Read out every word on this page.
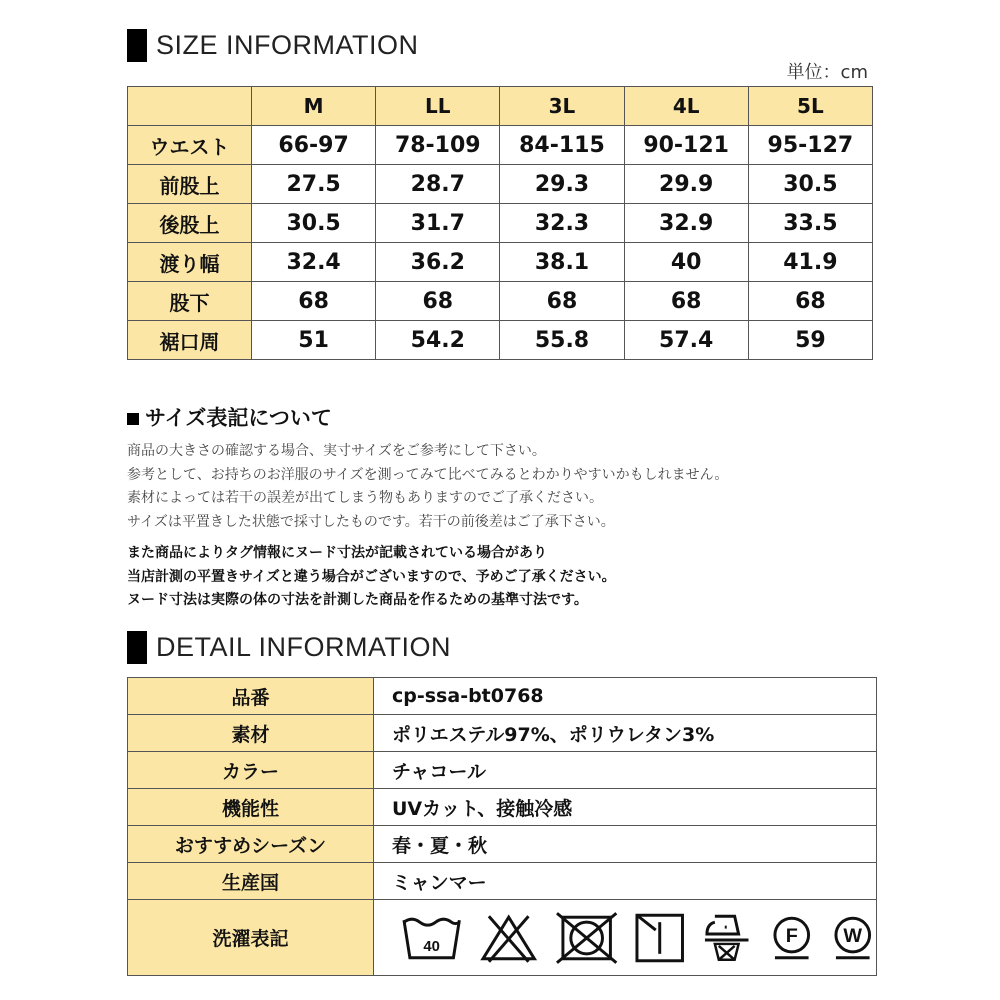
SIZE INFORMATION
単位：cm
	M	LL	3L	4L	5L
ウエスト	66-97	78-109	84-115	90-121	95-127
前股上	27.5	28.7	29.3	29.9	30.5
後股上	30.5	31.7	32.3	32.9	33.5
渡り幅	32.4	36.2	38.1	40	41.9
股下	68	68	68	68	68
裾口周	51	54.2	55.8	57.4	59
サイズ表記について
商品の大きさの確認する場合、実寸サイズをご参考にして下さい。
参考として、お持ちのお洋服のサイズを測ってみて比べてみるとわかりやすいかもしれません。
素材によっては若干の誤差が出てしまう物もありますのでご了承ください。
サイズは平置きした状態で採寸したものです。若干の前後差はご了承下さい。
また商品によりタグ情報にヌード寸法が記載されている場合があり
当店計測の平置きサイズと違う場合がございますので、予めご了承ください。
ヌード寸法は実際の体の寸法を計測した商品を作るための基準寸法です。
DETAIL INFORMATION
品番	cp-ssa-bt0768
素材	ポリエステル97%、ポリウレタン3%
カラー	チャコール
機能性	UVカット、接触冷感
おすすめシーズン	春・夏・秋
生産国	ミャンマー
洗濯表記	40 F W
